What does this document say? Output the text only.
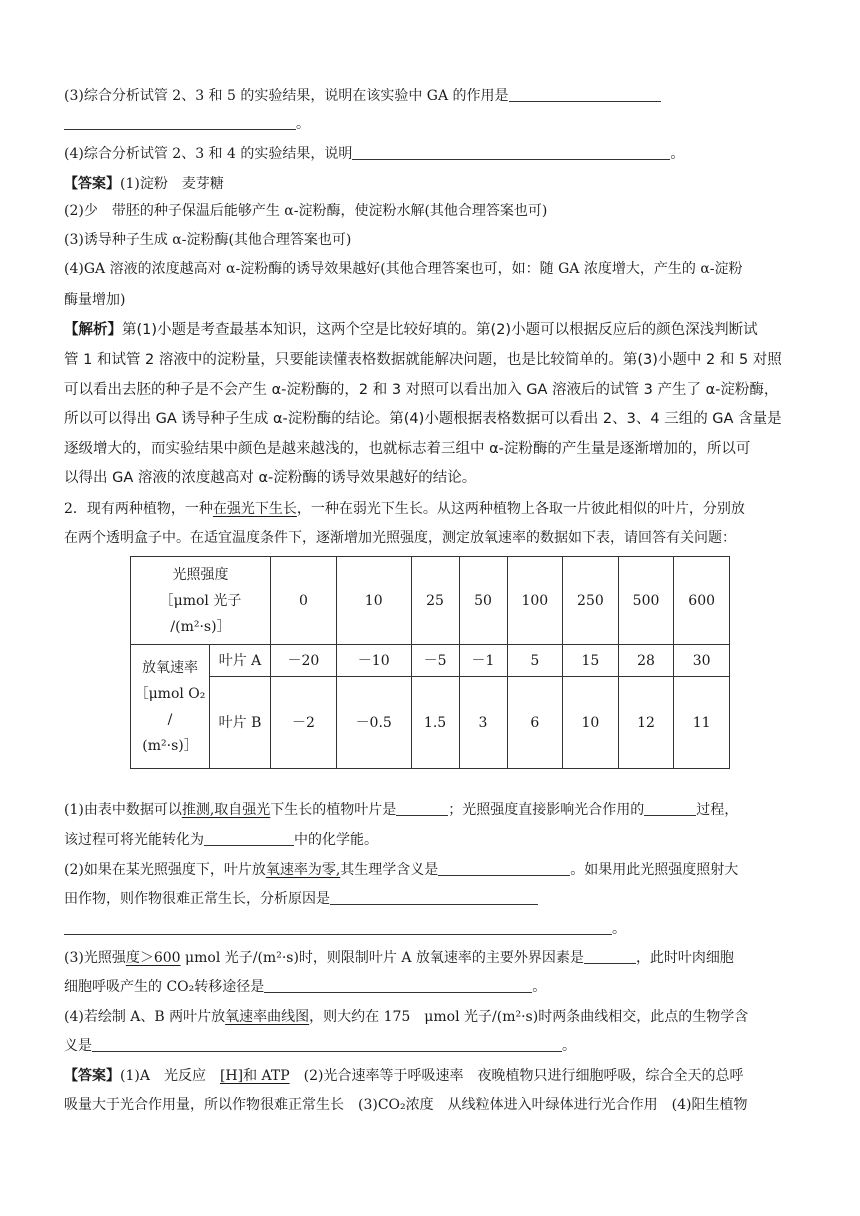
(3)综合分析试管 2、3 和 5 的实验结果，说明在该实验中 GA 的作用是
。
(4)综合分析试管 2、3 和 4 的实验结果，说明	。
【答案】(1)淀粉　麦芽糖
(2)少　带胚的种子保温后能够产生 α-淀粉酶，使淀粉水解(其他合理答案也可)
(3)诱导种子生成 α-淀粉酶(其他合理答案也可)
(4)GA 溶液的浓度越高对 α-淀粉酶的诱导效果越好(其他合理答案也可，如：随 GA 浓度增大，产生的 α-淀粉
酶量增加)
【解析】第(1)小题是考查最基本知识，这两个空是比较好填的。第(2)小题可以根据反应后的颜色深浅判断试
管 1 和试管 2 溶液中的淀粉量，只要能读懂表格数据就能解决问题，也是比较简单的。第(3)小题中 2 和 5 对照
可以看出去胚的种子是不会产生 α-淀粉酶的，2 和 3 对照可以看出加入 GA 溶液后的试管 3 产生了 α-淀粉酶，
所以可以得出 GA 诱导种子生成 α-淀粉酶的结论。第(4)小题根据表格数据可以看出 2、3、4 三组的 GA 含量是
逐级增大的，而实验结果中颜色是越来越浅的，也就标志着三组中 α-淀粉酶的产生量是逐渐增加的，所以可
以得出 GA 溶液的浓度越高对 α-淀粉酶的诱导效果越好的结论。
2．现有两种植物，一种在强光下生长，一种在弱光下生长。从这两种植物上各取一片彼此相似的叶片，分别放
在两个透明盒子中。在适宜温度条件下，逐渐增加光照强度，测定放氧速率的数据如下表，请回答有关问题：
光照强度
［μmol 光子
/(m²·s)］		0	10	25	50	100	250	500	600

放氧速率
［μmol O₂
/
(m²·s)］	叶片 A	－20	－10	－5	－1	5	15	28	30
	叶片 B	－2	－0.5	1.5	3	6	10	12	11
(1)由表中数据可以推测,取自强光下生长的植物叶片是	；光照强度直接影响光合作用的	过程，
该过程可将光能转化为	中的化学能。
(2)如果在某光照强度下，叶片放氧速率为零,其生理学含义是	。如果用此光照强度照射大
田作物，则作物很难正常生长，分析原因是
。
(3)光照强度＞600 μmol 光子/(m²·s)时，则限制叶片 A 放氧速率的主要外界因素是	，此时叶肉细胞
细胞呼吸产生的 CO₂转移途径是	。
(4)若绘制 A、B 两叶片放氧速率曲线图，则大约在 175　μmol 光子/(m²·s)时两条曲线相交，此点的生物学含
义是	。
【答案】(1)A　光反应　[H]和 ATP　(2)光合速率等于呼吸速率　夜晚植物只进行细胞呼吸，综合全天的总呼
吸量大于光合作用量，所以作物很难正常生长　(3)CO₂浓度　从线粒体进入叶绿体进行光合作用　(4)阳生植物
